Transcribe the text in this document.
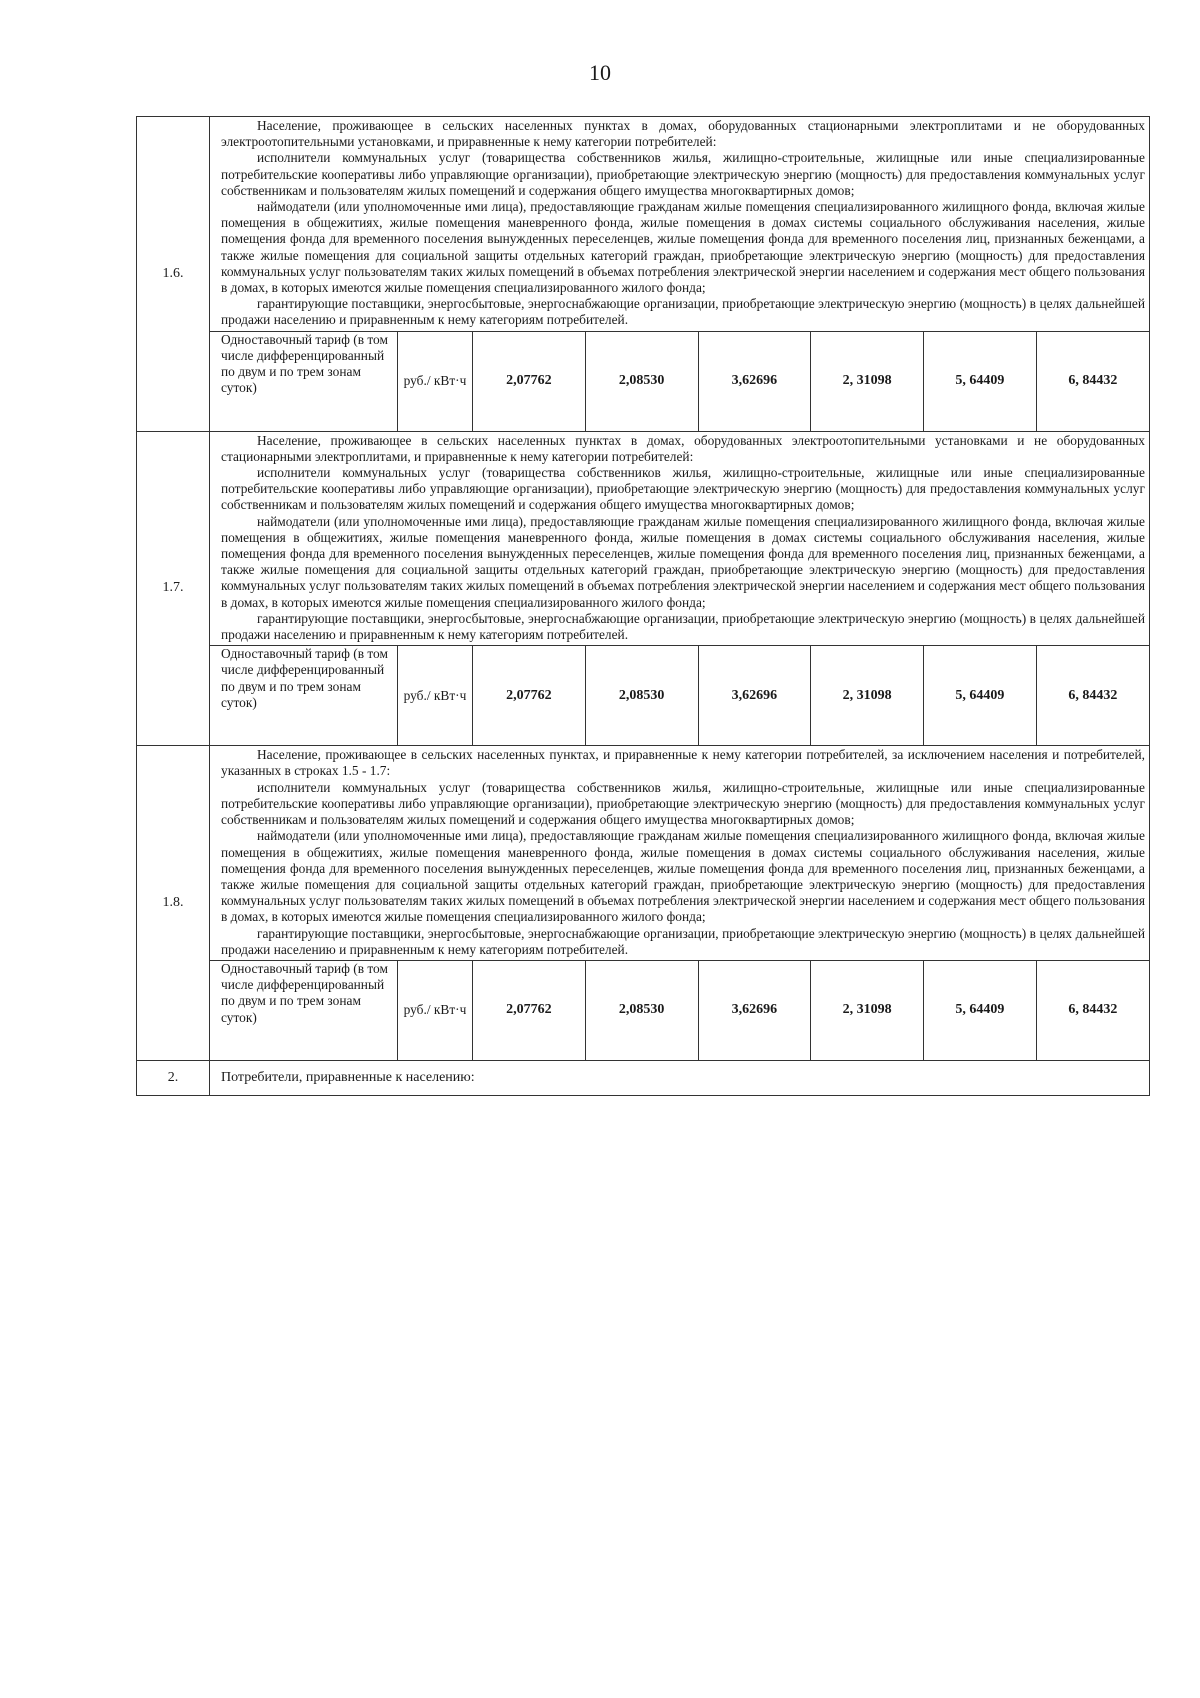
10
1.6.	

Население, проживающее в сельских населенных пунктах в домах, оборудованных стационарными электроплитами и не оборудованных электроотопительными установками, и приравненные к нему категории потребителей:

исполнители коммунальных услуг (товарищества собственников жилья, жилищно-строительные, жилищные или иные специализированные потребительские кооперативы либо управляющие организации), приобретающие электрическую энергию (мощность) для предоставления коммунальных услуг собственникам и пользователям жилых помещений и содержания общего имущества многоквартирных домов;

наймодатели (или уполномоченные ими лица), предоставляющие гражданам жилые помещения специализированного жилищного фонда, включая жилые помещения в общежитиях, жилые помещения маневренного фонда, жилые помещения в домах системы социального обслуживания населения, жилые помещения фонда для временного поселения вынужденных переселенцев, жилые помещения фонда для временного поселения лиц, признанных беженцами, а также жилые помещения для социальной защиты отдельных категорий граждан, приобретающие электрическую энергию (мощность) для предоставления коммунальных услуг пользователям таких жилых помещений в объемах потребления электрической энергии населением и содержания мест общего пользования в домах, в которых имеются жилые помещения специализированного жилого фонда;

гарантирующие поставщики, энергосбытовые, энергоснабжающие организации, приобретающие электрическую энергию (мощность) в целях дальнейшей продажи населению и приравненным к нему категориям потребителей.

Одноставочный тариф (в том числе дифференцированный по двум и по трем зонам суток)	руб./ кВт·ч	2,07762	2,08530	3,62696	2, 31098	5, 64409	6, 84432

1.7.	

Население, проживающее в сельских населенных пунктах в домах, оборудованных электроотопительными установками и не оборудованных стационарными электроплитами, и приравненные к нему категории потребителей:

исполнители коммунальных услуг (товарищества собственников жилья, жилищно-строительные, жилищные или иные специализированные потребительские кооперативы либо управляющие организации), приобретающие электрическую энергию (мощность) для предоставления коммунальных услуг собственникам и пользователям жилых помещений и содержания общего имущества многоквартирных домов;

наймодатели (или уполномоченные ими лица), предоставляющие гражданам жилые помещения специализированного жилищного фонда, включая жилые помещения в общежитиях, жилые помещения маневренного фонда, жилые помещения в домах системы социального обслуживания населения, жилые помещения фонда для временного поселения вынужденных переселенцев, жилые помещения фонда для временного поселения лиц, признанных беженцами, а также жилые помещения для социальной защиты отдельных категорий граждан, приобретающие электрическую энергию (мощность) для предоставления коммунальных услуг пользователям таких жилых помещений в объемах потребления электрической энергии населением и содержания мест общего пользования в домах, в которых имеются жилые помещения специализированного жилого фонда;

гарантирующие поставщики, энергосбытовые, энергоснабжающие организации, приобретающие электрическую энергию (мощность) в целях дальнейшей продажи населению и приравненным к нему категориям потребителей.

Одноставочный тариф (в том числе дифференцированный по двум и по трем зонам суток)	руб./ кВт·ч	2,07762	2,08530	3,62696	2, 31098	5, 64409	6, 84432

1.8.	

Население, проживающее в сельских населенных пунктах, и приравненные к нему категории потребителей, за исключением населения и потребителей, указанных в строках 1.5 - 1.7:

исполнители коммунальных услуг (товарищества собственников жилья, жилищно-строительные, жилищные или иные специализированные потребительские кооперативы либо управляющие организации), приобретающие электрическую энергию (мощность) для предоставления коммунальных услуг собственникам и пользователям жилых помещений и содержания общего имущества многоквартирных домов;

наймодатели (или уполномоченные ими лица), предоставляющие гражданам жилые помещения специализированного жилищного фонда, включая жилые помещения в общежитиях, жилые помещения маневренного фонда, жилые помещения в домах системы социального обслуживания населения, жилые помещения фонда для временного поселения вынужденных переселенцев, жилые помещения фонда для временного поселения лиц, признанных беженцами, а также жилые помещения для социальной защиты отдельных категорий граждан, приобретающие электрическую энергию (мощность) для предоставления коммунальных услуг пользователям таких жилых помещений в объемах потребления электрической энергии населением и содержания мест общего пользования в домах, в которых имеются жилые помещения специализированного жилого фонда;

гарантирующие поставщики, энергосбытовые, энергоснабжающие организации, приобретающие электрическую энергию (мощность) в целях дальнейшей продажи населению и приравненным к нему категориям потребителей.

Одноставочный тариф (в том числе дифференцированный по двум и по трем зонам суток)	руб./ кВт·ч	2,07762	2,08530	3,62696	2, 31098	5, 64409	6, 84432

2.	Потребители, приравненные к населению:
